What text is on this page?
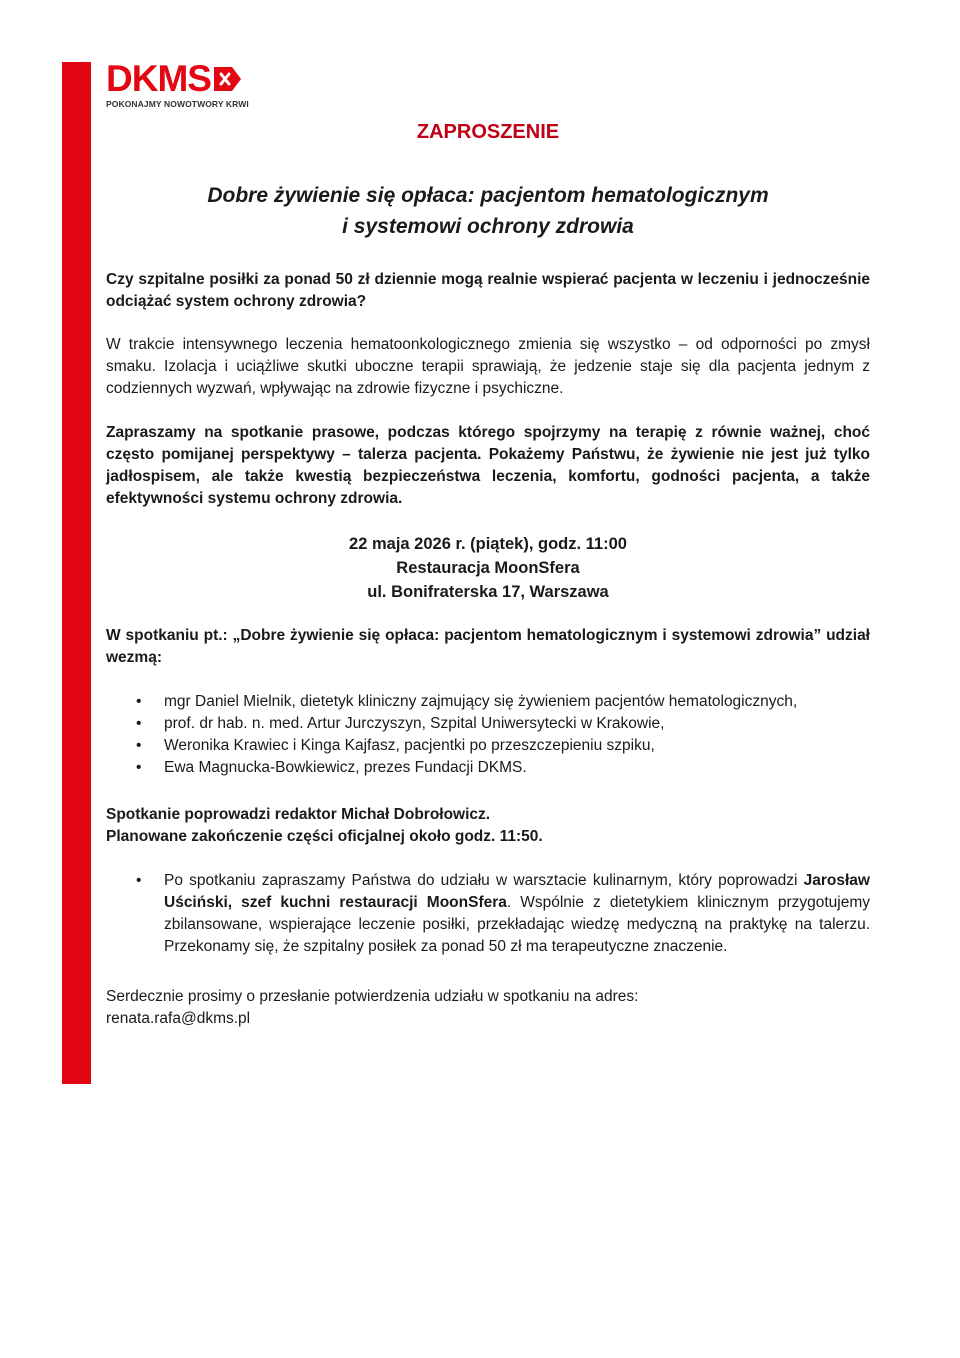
DKMS
POKONAJMY NOWOTWORY KRWI
ZAPROSZENIE
Dobre żywienie się opłaca: pacjentom hematologicznym
i systemowi ochrony zdrowia

Czy szpitalne posiłki za ponad 50 zł dziennie mogą realnie wspierać pacjenta w leczeniu i jednocześnie odciążać system ochrony zdrowia?

W trakcie intensywnego leczenia hematoonkologicznego zmienia się wszystko – od odporności po zmysł smaku. Izolacja i uciążliwe skutki uboczne terapii sprawiają, że jedzenie staje się dla pacjenta jednym z codziennych wyzwań, wpływając na zdrowie fizyczne i psychiczne.

Zapraszamy na spotkanie prasowe, podczas którego spojrzymy na terapię z równie ważnej, choć często pomijanej perspektywy – talerza pacjenta. Pokażemy Państwu, że żywienie nie jest już tylko jadłospisem, ale także kwestią bezpieczeństwa leczenia, komfortu, godności pacjenta, a także efektywności systemu ochrony zdrowia.

22 maja 2026 r. (piątek), godz. 11:00
Restauracja MoonSfera
ul. Bonifraterska 17, Warszawa

W spotkaniu pt.: „Dobre żywienie się opłaca: pacjentom hematologicznym i systemowi zdrowia” udział wezmą:

• mgr Daniel Mielnik, dietetyk kliniczny zajmujący się żywieniem pacjentów hematologicznych,
• prof. dr hab. n. med. Artur Jurczyszyn, Szpital Uniwersytecki w Krakowie,
• Weronika Krawiec i Kinga Kajfasz, pacjentki po przeszczepieniu szpiku,
• Ewa Magnucka-Bowkiewicz, prezes Fundacji DKMS.

Spotkanie poprowadzi redaktor Michał Dobrołowicz.

Planowane zakończenie części oficjalnej około godz. 11:50.

• Po spotkaniu zapraszamy Państwa do udziału w warsztacie kulinarnym, który poprowadzi Jarosław Uściński, szef kuchni restauracji MoonSfera. Wspólnie z dietetykiem klinicznym przygotujemy zbilansowane, wspierające leczenie posiłki, przekładając wiedzę medyczną na praktykę na talerzu. Przekonamy się, że szpitalny posiłek za ponad 50 zł ma terapeutyczne znaczenie.

Serdecznie prosimy o przesłanie potwierdzenia udziału w spotkaniu na adres:

renata.rafa@dkms.pl
